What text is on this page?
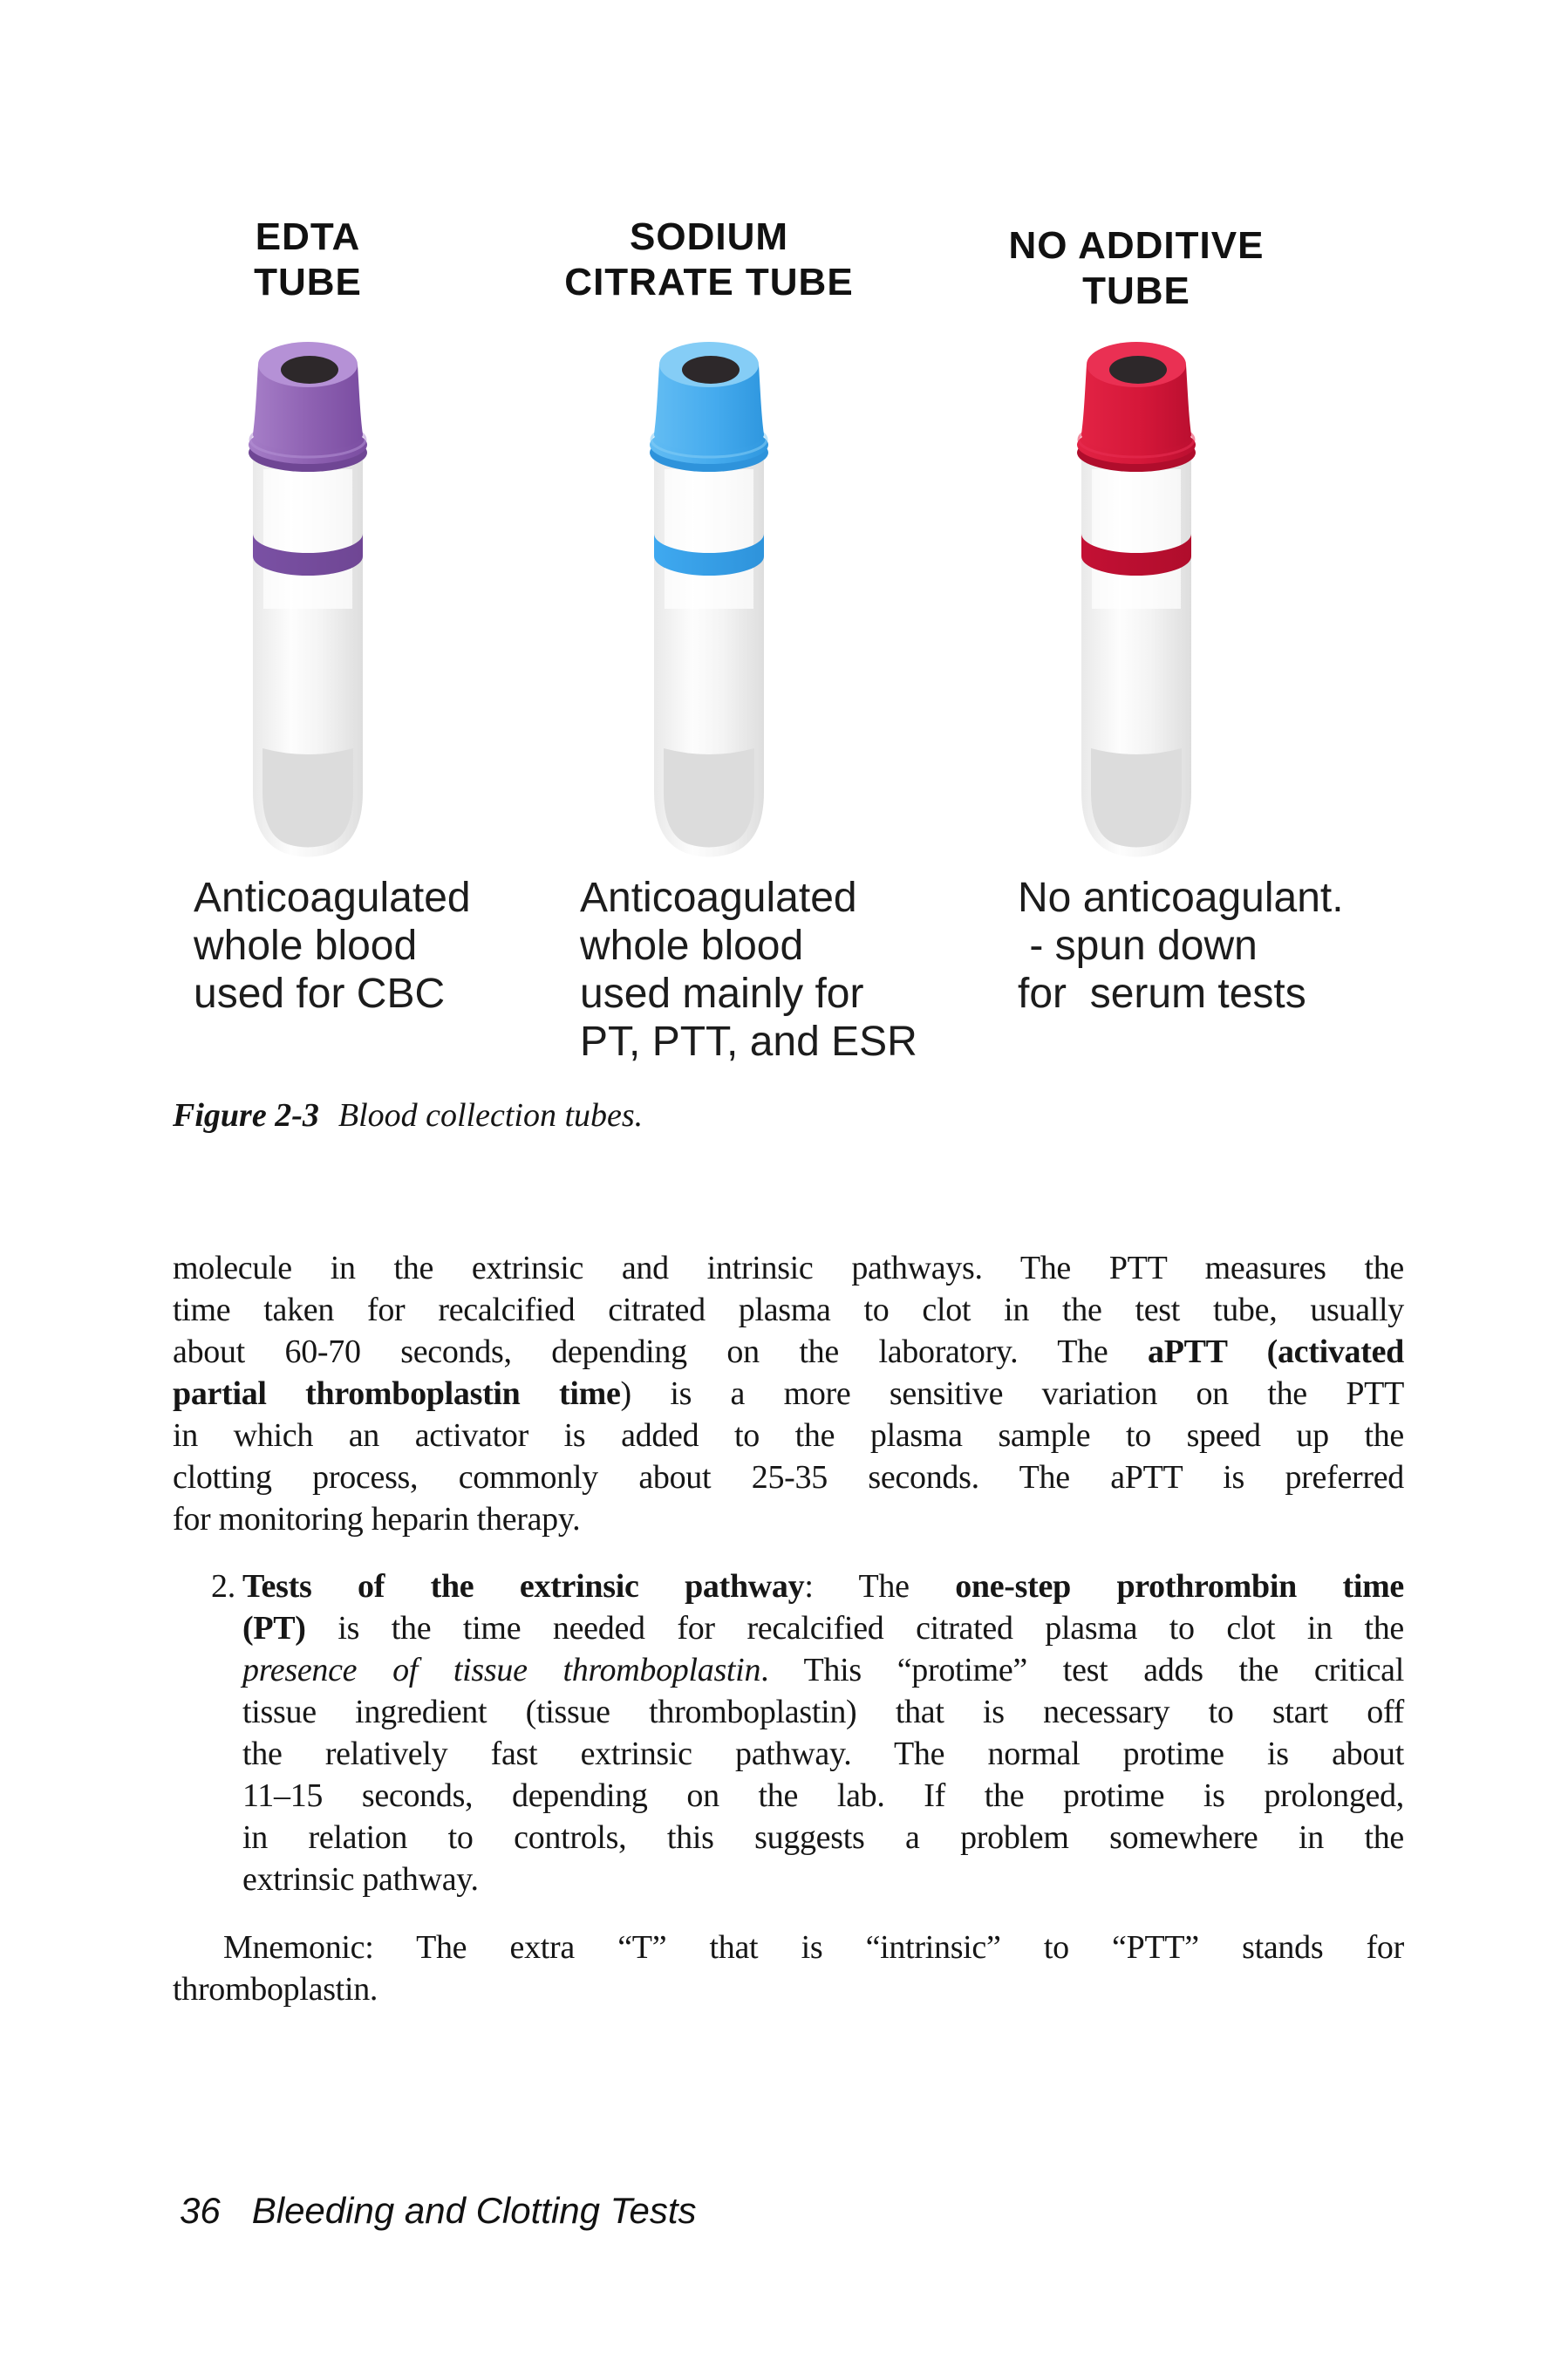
EDTA
TUBE
Anticoagulated
whole blood
used for CBC
SODIUM
CITRATE TUBE
Anticoagulated
whole blood
used mainly for
PT, PTT, and ESR
NO ADDITIVE
TUBE
No anticoagulant.
- spun down
for  serum tests
Figure 2-3 Blood collection tubes.
molecule in the extrinsic and intrinsic pathways. The PTT measures the
time taken for recalcified citrated plasma to clot in the test tube, usually
about 60-70 seconds, depending on the laboratory. The aPTT (activated
partial thromboplastin time) is a more sensitive variation on the PTT
in which an activator is added to the plasma sample to speed up the
clotting process, commonly about 25-35 seconds. The aPTT is preferred
for monitoring heparin therapy.
2. Tests of the extrinsic pathway: The one-step prothrombin time
(PT) is the time needed for recalcified citrated plasma to clot in the
presence of tissue thromboplastin. This “protime” test adds the critical
tissue ingredient (tissue thromboplastin) that is necessary to start off
the relatively fast extrinsic pathway. The normal protime is about
11–15 seconds, depending on the lab. If the protime is prolonged,
in relation to controls, this suggests a problem somewhere in the
extrinsic pathway.
Mnemonic: The extra “T” that is “intrinsic” to “PTT” stands for
thromboplastin.
36 Bleeding and Clotting Tests
